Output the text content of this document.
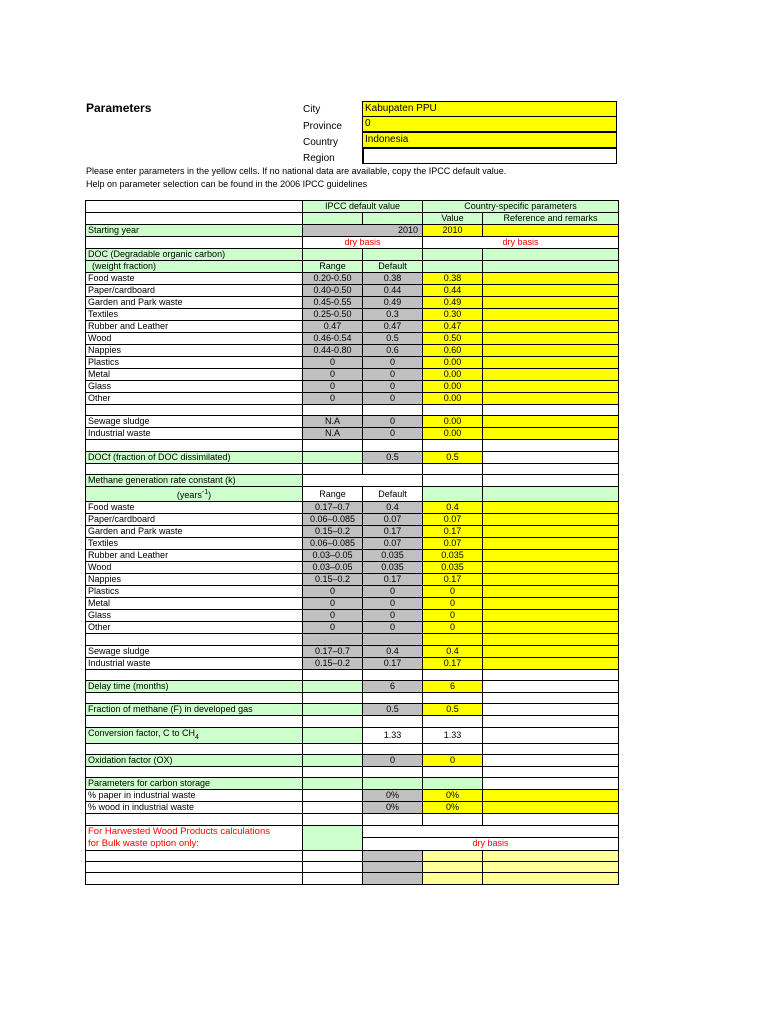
Parameters	City	Kabupaten PPU
Province	0
Country	Indonesia
Region
Please enter parameters in the yellow cells. If no national data are available, copy the IPCC default value.
Help on parameter selection can be found in the 2006 IPCC guidelines
	IPCC default value		Country-specific parameters	
			Value	Reference and remarks
Starting year	2010		2010	
	dry basis		dry basis	
DOC (Degradable organic carbon)				
(weight fraction)	Range	Default		
Food waste	0.20-0.50	0.38	0.38	
Paper/cardboard	0.40-0.50	0.44	0.44	
Garden and Park waste	0.45-0.55	0.49	0.49	
Textiles	0.25-0.50	0.3	0.30	
Rubber and Leather	0.47	0.47	0.47	
Wood	0.46-0.54	0.5	0.50	
Nappies	0.44-0.80	0.6	0.60	
Plastics	0	0	0.00	
Metal	0	0	0.00	
Glass	0	0	0.00	
Other	0	0	0.00	

Sewage sludge	N.A	0	0.00	
Industrial waste	N.A	0	0.00	

DOCf (fraction of DOC dissimilated)		0.5	0.5	

Methane generation rate constant (k)				
(years$^{-1}$)	Range	Default		
Food waste	0.17–0.7	0.4	0.4	
Paper/cardboard	0.06–0.085	0.07	0.07	
Garden and Park waste	0.15–0.2	0.17	0.17	
Textiles	0.06–0.085	0.07	0.07	
Rubber and Leather	0.03–0.05	0.035	0.035	
Wood	0.03–0.05	0.035	0.035	
Nappies	0.15–0.2	0.17	0.17	
Plastics	0	0	0	
Metal	0	0	0	
Glass	0	0	0	
Other	0	0	0	

Sewage sludge	0.17–0.7	0.4	0.4	
Industrial waste	0.15–0.2	0.17	0.17	

Delay time (months)		6	6	

Fraction of methane (F) in developed gas		0.5	0.5	

Conversion factor, C to $CH_4$		1.33	1.33	

Oxidation factor (OX)		0	0	

Parameters for carbon storage				
% paper in industrial waste		0%	0%	
% wood in industrial waste		0%	0%	

For Harwested Wood Products calculations
for Bulk waste option only:				

		dry basis		
